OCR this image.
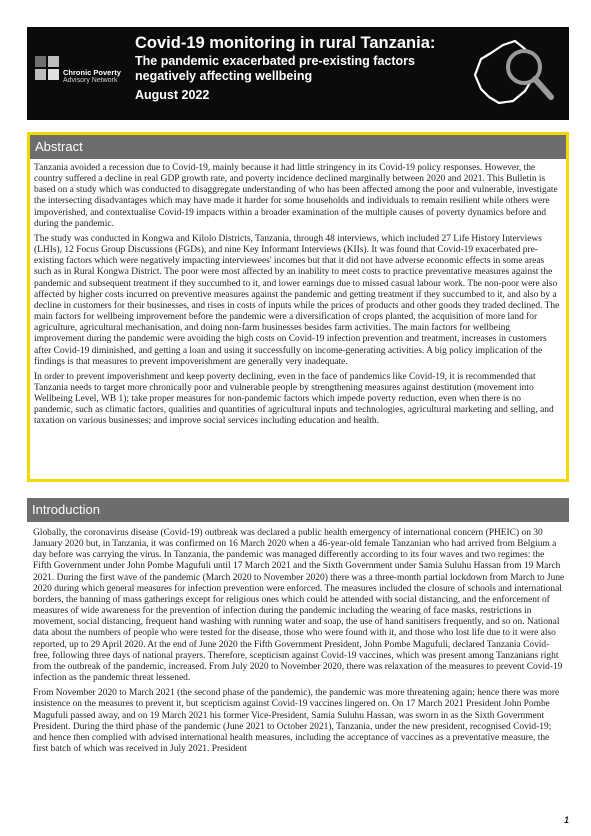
Chronic Poverty
Advisory Network
Covid-19 monitoring in rural Tanzania:
The pandemic exacerbated pre-existing factors
negatively affecting wellbeing
August 2022
Abstract

Tanzania avoided a recession due to Covid-19, mainly because it had little stringency in its Covid-19 policy responses. However, the country suffered a decline in real GDP growth rate, and poverty incidence declined marginally between 2020 and 2021. This Bulletin is based on a study which was conducted to disaggregate understanding of who has been affected among the poor and vulnerable, investigate the intersecting disadvantages which may have made it harder for some households and individuals to remain resilient while others were impoverished, and contextualise Covid-19 impacts within a broader examination of the multiple causes of poverty dynamics before and during the pandemic.

The study was conducted in Kongwa and Kilolo Districts, Tanzania, through 48 interviews, which included 27 Life History Interviews (LHIs), 12 Focus Group Discussions (FGDs), and nine Key Informant Interviews (KIIs). It was found that Covid-19 exacerbated pre-existing factors which were negatively impacting interviewees' incomes but that it did not have adverse economic effects in some areas such as in Rural Kongwa District. The poor were most affected by an inability to meet costs to practice preventative measures against the pandemic and subsequent treatment if they succumbed to it, and lower earnings due to missed casual labour work. The non-poor were also affected by higher costs incurred on preventive measures against the pandemic and getting treatment if they succumbed to it, and also by a decline in customers for their businesses, and rises in costs of inputs while the prices of products and other goods they traded declined. The main factors for wellbeing improvement before the pandemic were a diversification of crops planted, the acquisition of more land for agriculture, agricultural mechanisation, and doing non-farm businesses besides farm activities. The main factors for wellbeing improvement during the pandemic were avoiding the high costs on Covid-19 infection prevention and treatment, increases in customers after Covid-19 diminished, and getting a loan and using it successfully on income-generating activities. A big policy implication of the findings is that measures to prevent impoverishment are generally very inadequate.

In order to prevent impoverishment and keep poverty declining, even in the face of pandemics like Covid-19, it is recommended that Tanzania needs to target more chronically poor and vulnerable people by strengthening measures against destitution (movement into Wellbeing Level, WB 1); take proper measures for non-pandemic factors which impede poverty reduction, even when there is no pandemic, such as climatic factors, qualities and quantities of agricultural inputs and technologies, agricultural marketing and selling, and taxation on various businesses; and improve social services including education and health.

Introduction

Globally, the coronavirus disease (Covid-19) outbreak was declared a public health emergency of international concern (PHEIC) on 30 January 2020 but, in Tanzania, it was confirmed on 16 March 2020 when a 46-year-old female Tanzanian who had arrived from Belgium a day before was carrying the virus. In Tanzania, the pandemic was managed differently according to its four waves and two regimes: the Fifth Government under John Pombe Magufuli until 17 March 2021 and the Sixth Government under Samia Suluhu Hassan from 19 March 2021. During the first wave of the pandemic (March 2020 to November 2020) there was a three-month partial lockdown from March to June 2020 during which general measures for infection prevention were enforced. The measures included the closure of schools and international borders, the banning of mass gatherings except for religious ones which could be attended with social distancing, and the enforcement of measures of wide awareness for the prevention of infection during the pandemic including the wearing of face masks, restrictions in movement, social distancing, frequent hand washing with running water and soap, the use of hand sanitisers frequently, and so on. National data about the numbers of people who were tested for the disease, those who were found with it, and those who lost life due to it were also reported, up to 29 April 2020. At the end of June 2020 the Fifth Government President, John Pombe Magufuli, declared Tanzania Covid-free, following three days of national prayers. Therefore, scepticism against Covid-19 vaccines, which was present among Tanzanians right from the outbreak of the pandemic, increased. From July 2020 to November 2020, there was relaxation of the measures to prevent Covid-19 infection as the pandemic threat lessened.

From November 2020 to March 2021 (the second phase of the pandemic), the pandemic was more threatening again; hence there was more insistence on the measures to prevent it, but scepticism against Covid-19 vaccines lingered on. On 17 March 2021 President John Pombe Magufuli passed away, and on 19 March 2021 his former Vice-President, Samia Suluhu Hassan, was sworn in as the Sixth Government President. During the third phase of the pandemic (June 2021 to October 2021), Tanzania, under the new president, recognised Covid-19; and hence then complied with advised international health measures, including the acceptance of vaccines as a preventative measure, the first batch of which was received in July 2021. President

1
